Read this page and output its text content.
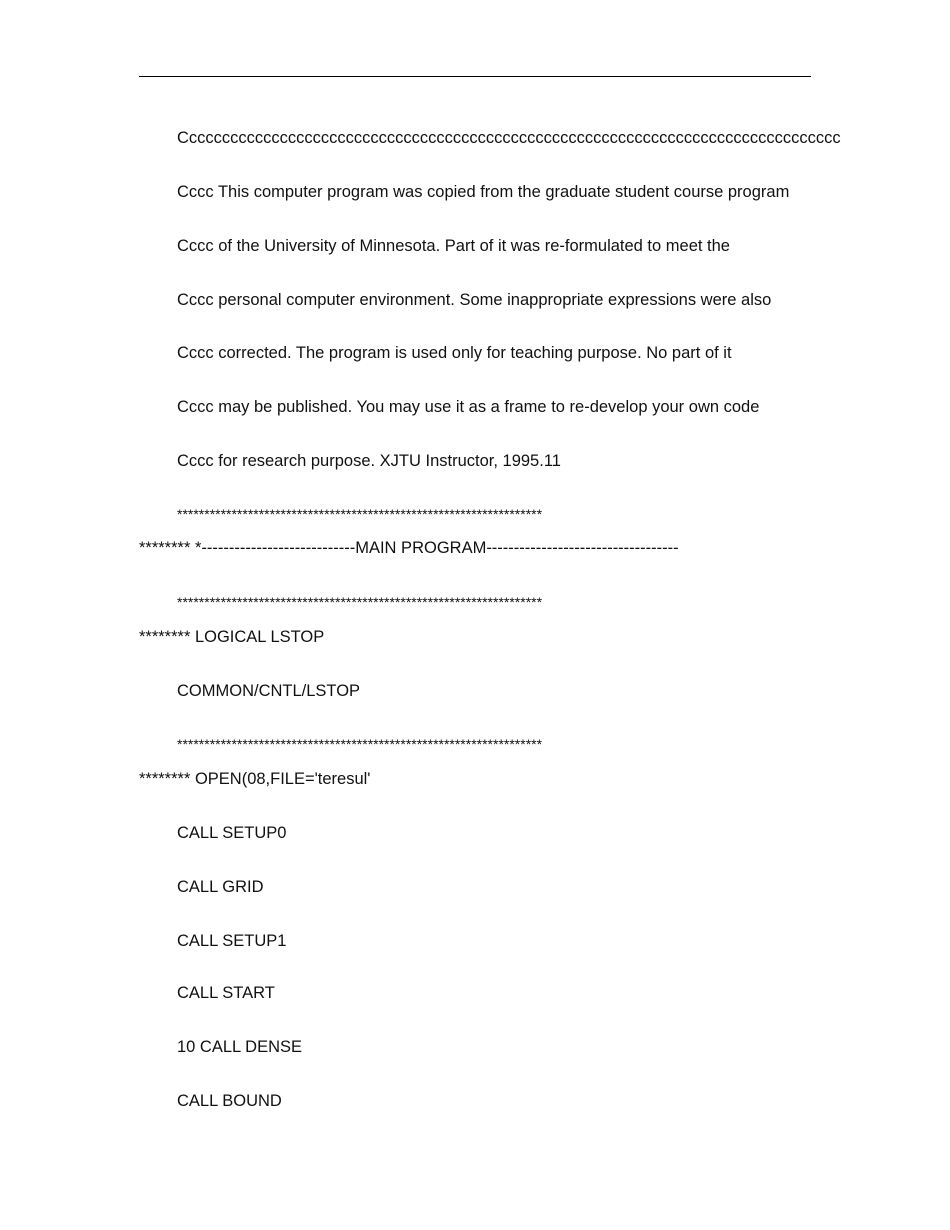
Cccccccccccccccccccccccccccccccccccccccccccccccccccccccccccccccccccccccccccccccc
Cccc This computer program was copied from the graduate student course program
Cccc of the University of Minnesota. Part of it was re-formulated to meet the
Cccc personal computer environment. Some inappropriate expressions were also
Cccc corrected. The program is used only for teaching purpose. No part of it
Cccc may be published. You may use it as a frame to re-develop your own code
Cccc for research purpose. XJTU Instructor, 1995.11
*******************************************************************
******** *----------------------------MAIN PROGRAM-----------------------------------
*******************************************************************
******** LOGICAL LSTOP
COMMON/CNTL/LSTOP
*******************************************************************
******** OPEN(08,FILE='teresul'
CALL SETUP0
CALL GRID
CALL SETUP1
CALL START
10 CALL DENSE
CALL BOUND
